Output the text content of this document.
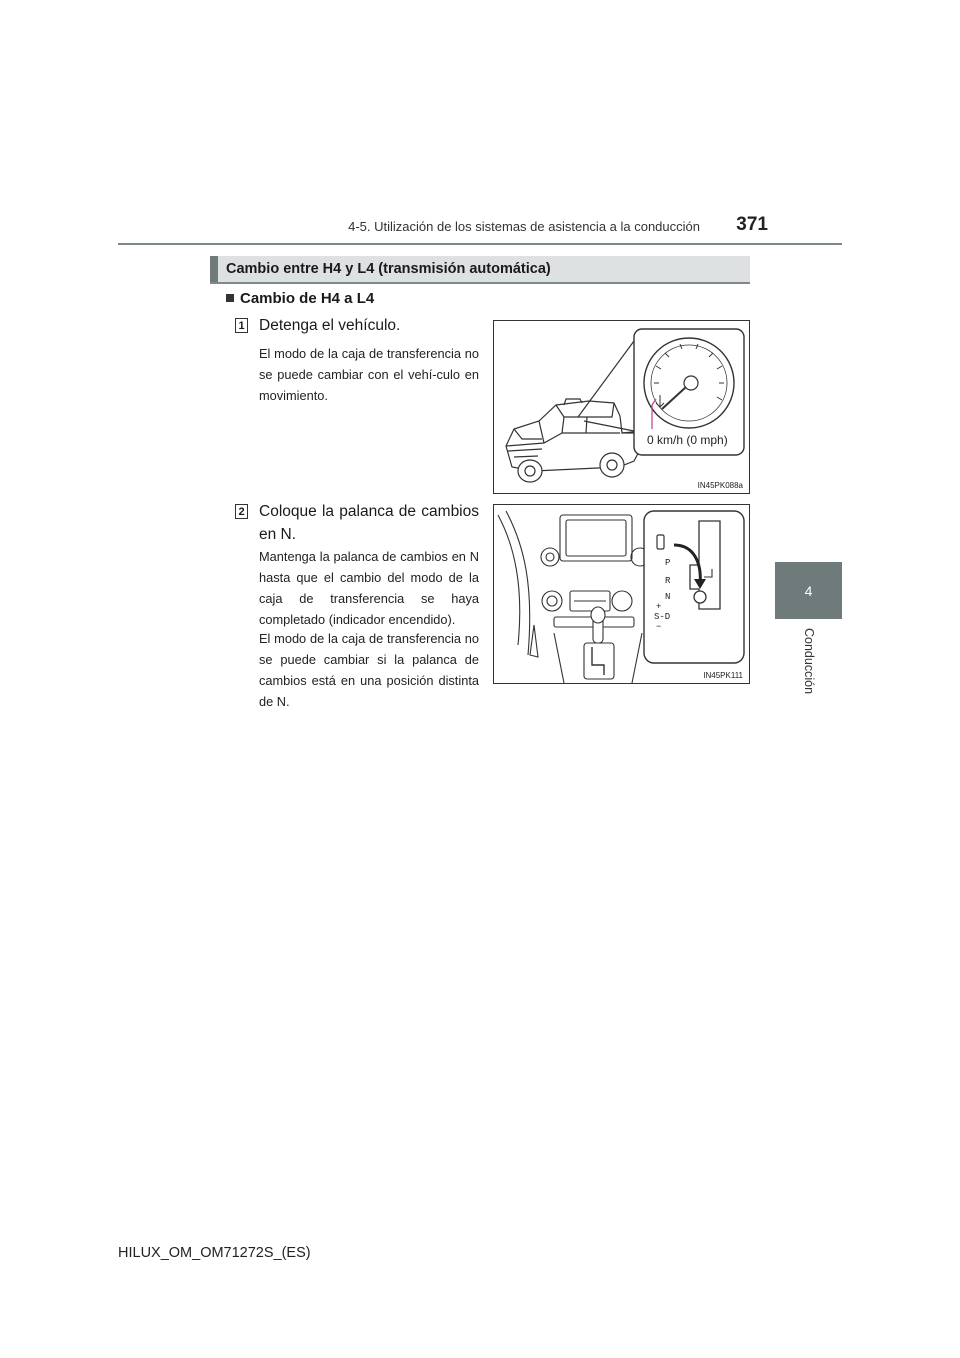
4-5. Utilización de los sistemas de asistencia a la conducción	371
4
Conducción
Cambio entre H4 y L4 (transmisión automática)
Cambio de H4 a L4
1 Detenga el vehículo.
El modo de la caja de transferencia no se puede cambiar con el vehí-culo en movimiento.
0 km/h (0 mph)
IN45PK088a
2 Coloque la palanca de cambios en N.
Mantenga la palanca de cambios en N hasta que el cambio del modo de la caja de transferencia se haya completado (indicador encendido).
El modo de la caja de transferencia no se puede cambiar si la palanca de cambios está en una posición distinta de N.
P
R
N
+
S-D
−
IN45PK111
HILUX_OM_OM71272S_(ES)
